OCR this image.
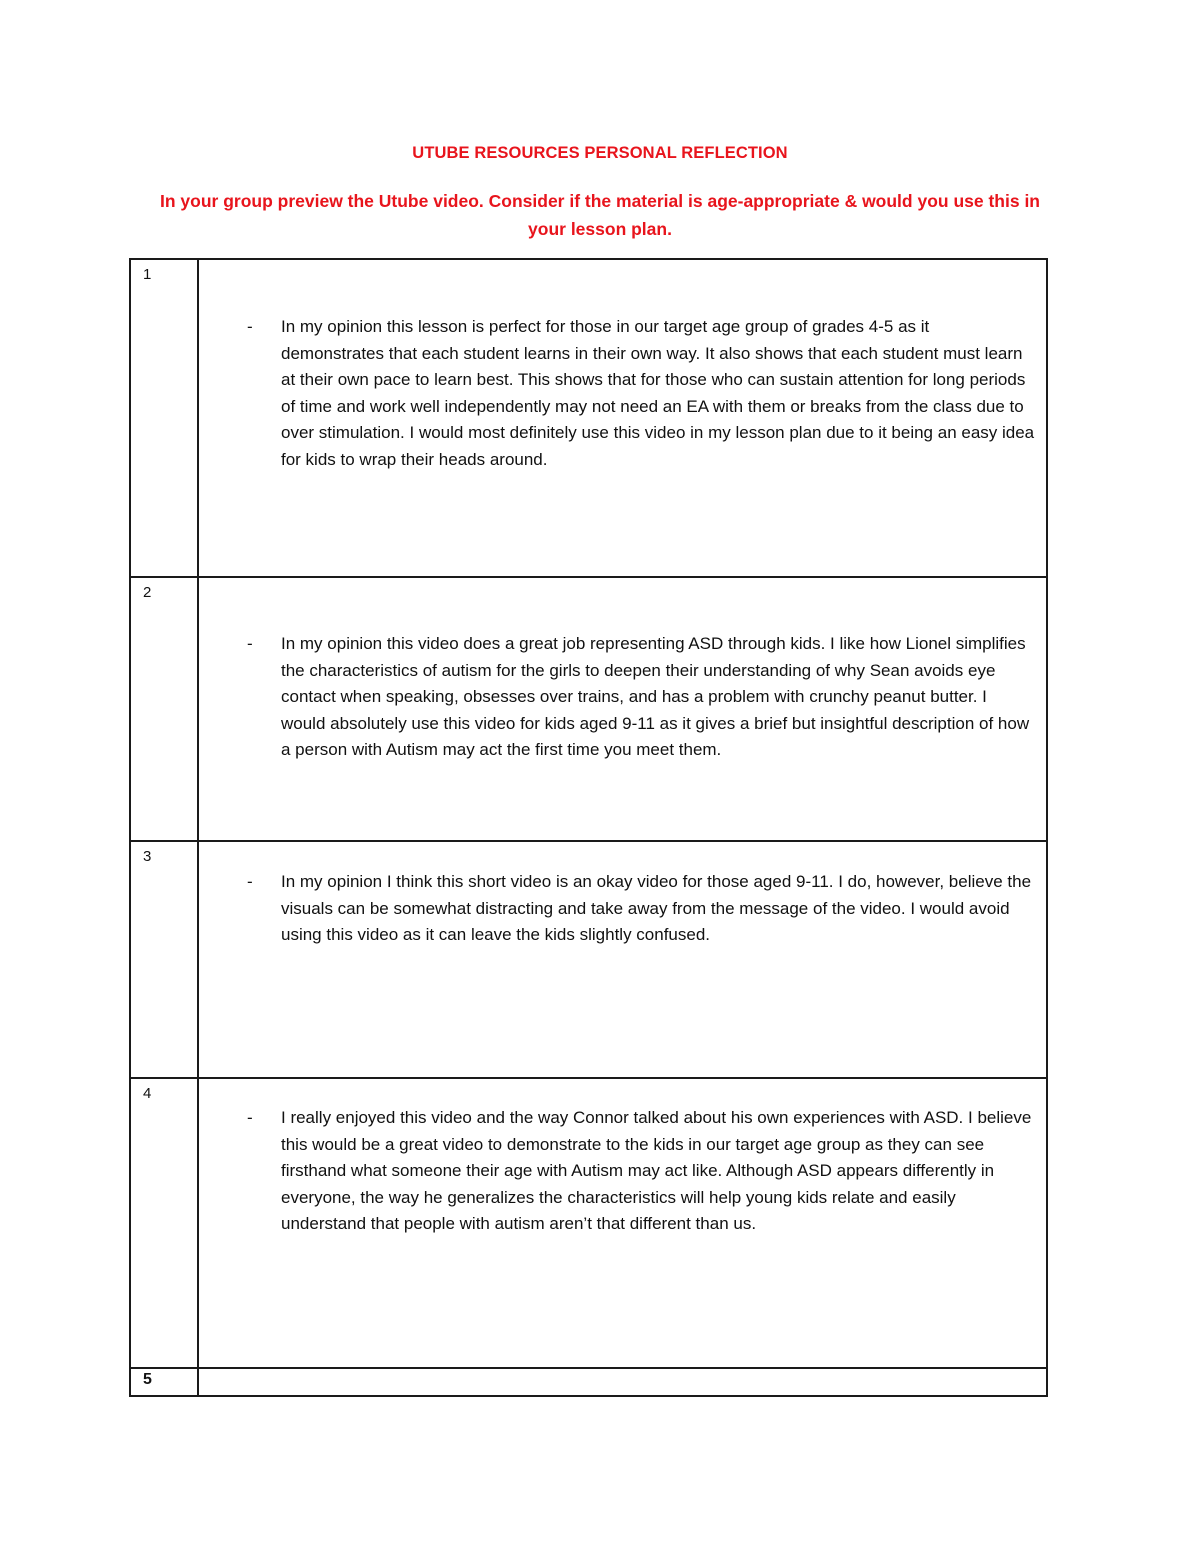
UTUBE RESOURCES PERSONAL REFLECTION
In your group preview the Utube video. Consider if the material is age-appropriate & would you use this in your lesson plan.
1	- In my opinion this lesson is perfect for those in our target age group of grades 4-5 as it demonstrates that each student learns in their own way. It also shows that each student must learn at their own pace to learn best. This shows that for those who can sustain attention for long periods of time and work well independently may not need an EA with them or breaks from the class due to over stimulation. I would most definitely use this video in my lesson plan due to it being an easy idea for kids to wrap their heads around.

2	- In my opinion this video does a great job representing ASD through kids. I like how Lionel simplifies the characteristics of autism for the girls to deepen their understanding of why Sean avoids eye contact when speaking, obsesses over trains, and has a problem with crunchy peanut butter. I would absolutely use this video for kids aged 9-11 as it gives a brief but insightful description of how a person with Autism may act the first time you meet them.

3	- In my opinion I think this short video is an okay video for those aged 9-11. I do, however, believe the visuals can be somewhat distracting and take away from the message of the video. I would avoid using this video as it can leave the kids slightly confused.

4	- I really enjoyed this video and the way Connor talked about his own experiences with ASD. I believe this would be a great video to demonstrate to the kids in our target age group as they can see firsthand what someone their age with Autism may act like. Although ASD appears differently in everyone, the way he generalizes the characteristics will help young kids relate and easily understand that people with autism aren’t that different than us.

5	
